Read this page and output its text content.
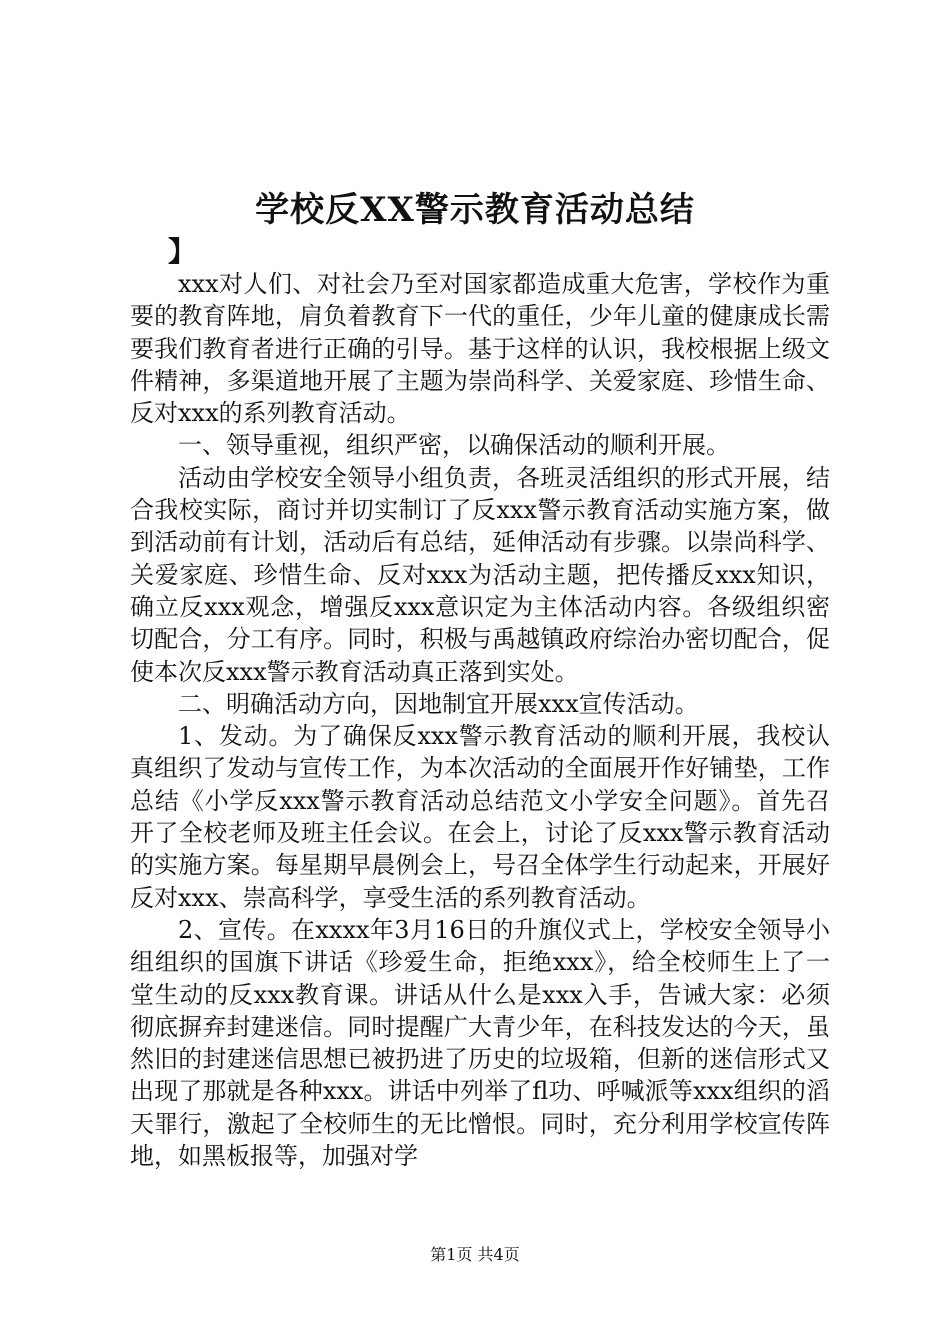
学校反XX警示教育活动总结
】

xxx对人们、对社会乃至对国家都造成重大危害，学校作为重要的教育阵地，肩负着教育下一代的重任，少年儿童的健康成长需要我们教育者进行正确的引导。基于这样的认识，我校根据上级文件精神，多渠道地开展了主题为崇尚科学、关爱家庭、珍惜生命、反对xxx的系列教育活动。

一、领导重视，组织严密，以确保活动的顺利开展。

活动由学校安全领导小组负责，各班灵活组织的形式开展，结合我校实际，商讨并切实制订了反xxx警示教育活动实施方案，做到活动前有计划，活动后有总结，延伸活动有步骤。以崇尚科学、关爱家庭、珍惜生命、反对xxx为活动主题，把传播反xxx知识，确立反xxx观念，增强反xxx意识定为主体活动内容。各级组织密切配合，分工有序。同时，积极与禹越镇政府综治办密切配合，促使本次反xxx警示教育活动真正落到实处。

二、明确活动方向，因地制宜开展xxx宣传活动。

1、发动。为了确保反xxx警示教育活动的顺利开展，我校认真组织了发动与宣传工作，为本次活动的全面展开作好铺垫，工作总结《小学反xxx警示教育活动总结范文小学安全问题》。首先召开了全校老师及班主任会议。在会上，讨论了反xxx警示教育活动的实施方案。每星期早晨例会上，号召全体学生行动起来，开展好反对xxx、崇高科学，享受生活的系列教育活动。

2、宣传。在xxxx年3月16日的升旗仪式上，学校安全领导小组组织的国旗下讲话《珍爱生命，拒绝xxx》，给全校师生上了一堂生动的反xxx教育课。讲话从什么是xxx入手，告诫大家：必须彻底摒弃封建迷信。同时提醒广大青少年，在科技发达的今天，虽然旧的封建迷信思想已被扔进了历史的垃圾箱，但新的迷信形式又出现了那就是各种xxx。讲话中列举了fl功、呼喊派等xxx组织的滔天罪行，激起了全校师生的无比憎恨。同时，充分利用学校宣传阵地，如黑板报等，加强对学

第1页 共4页
